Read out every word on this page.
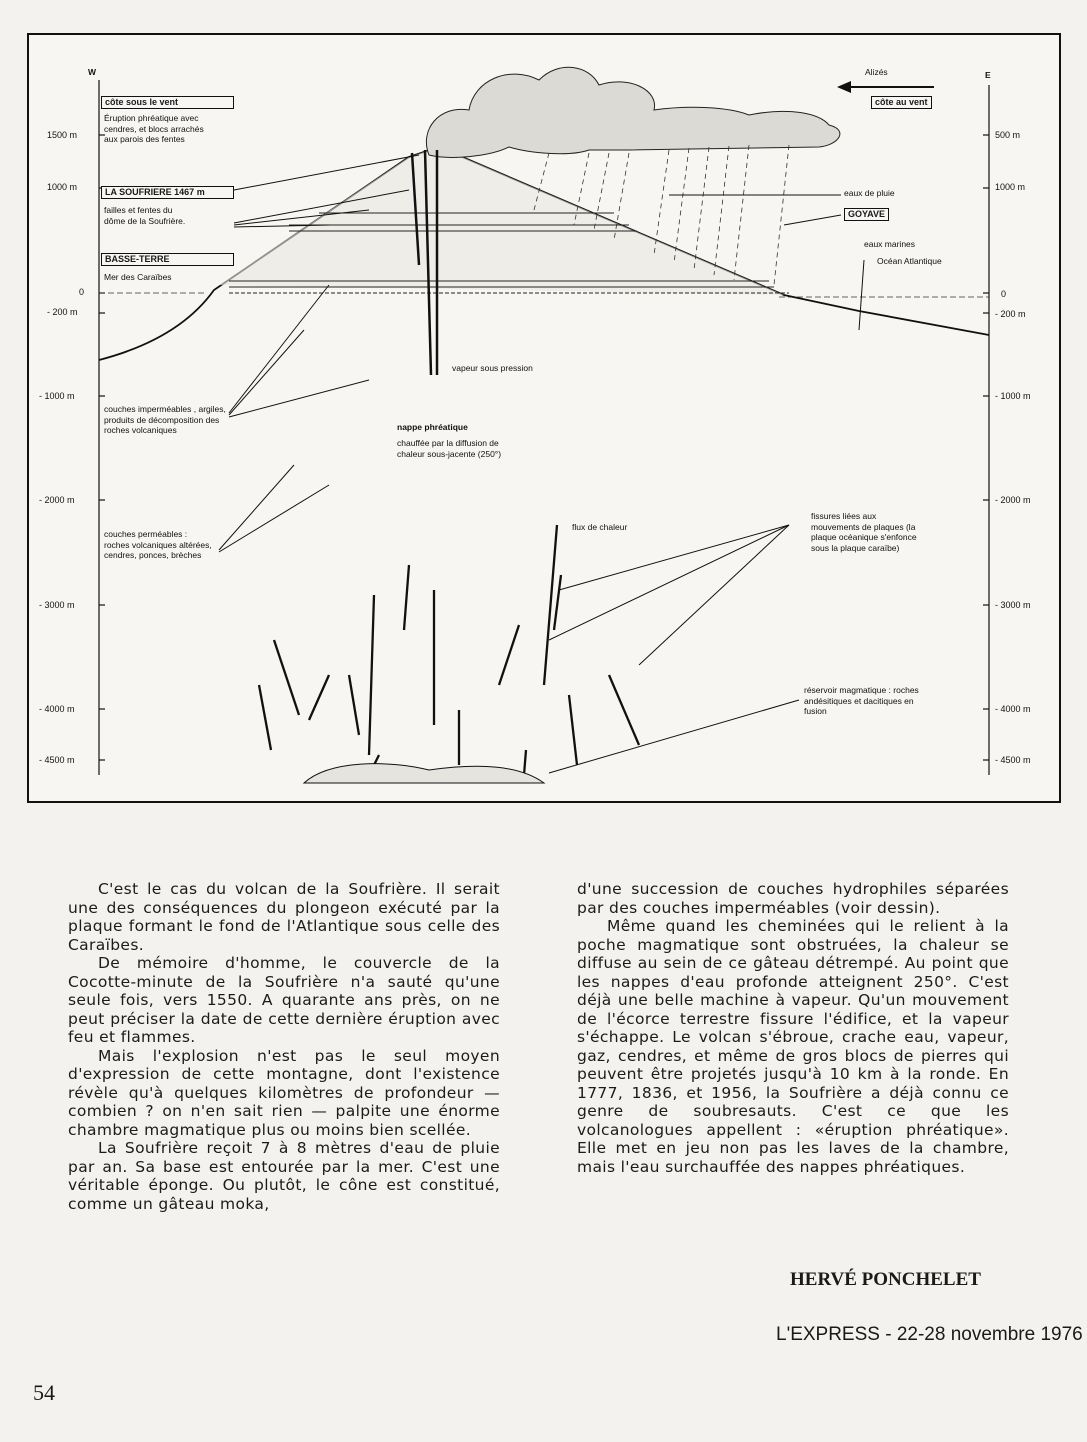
côte sous le vent
LA SOUFRIERE 1467 m
BASSE-TERRE
côte au vent
GOYAVE
W	E
Alizés
1500 m
1000 m
0
- 200 m
- 1000 m
- 2000 m
- 3000 m
- 4000 m
- 4500 m
500 m
1000 m
0
- 200 m
- 1000 m
- 2000 m
- 3000 m
- 4000 m
- 4500 m
Éruption phréatique avec cendres, et blocs arrachés aux parois des fentes
failles et fentes du dôme de la Soufrière.
Mer des Caraïbes
eaux de pluie
eaux marines
Océan Atlantique
vapeur sous pression
couches imperméables , argiles, produits de décomposition des roches volcaniques	nappe phréatique
chauffée par la diffusion de chaleur sous-jacente (250°)
couches perméables : roches volcaniques altérées, cendres, ponces, brèches
flux de chaleur
fissures liées aux mouvements de plaques (la plaque océanique s'enfonce sous la plaque caraïbe)
réservoir magmatique : roches andésitiques et dacitiques en fusion

C'est le cas du volcan de la Soufrière. Il serait une des conséquences du plongeon exécuté par la plaque formant le fond de l'Atlantique sous celle des Caraïbes.

De mémoire d'homme, le couvercle de la Cocotte-minute de la Soufrière n'a sauté qu'une seule fois, vers 1550. A quarante ans près, on ne peut préciser la date de cette dernière éruption avec feu et flammes.

Mais l'explosion n'est pas le seul moyen d'expression de cette montagne, dont l'existence révèle qu'à quelques kilomètres de profondeur — combien ? on n'en sait rien — palpite une énorme chambre magmatique plus ou moins bien scellée.

La Soufrière reçoit 7 à 8 mètres d'eau de pluie par an. Sa base est entourée par la mer. C'est une véritable éponge. Ou plutôt, le cône est constitué, comme un gâteau moka,

d'une succession de couches hydrophiles séparées par des couches imperméables (voir dessin).

Même quand les cheminées qui le relient à la poche magmatique sont obstruées, la chaleur se diffuse au sein de ce gâteau détrempé. Au point que les nappes d'eau profonde atteignent 250°. C'est déjà une belle machine à vapeur. Qu'un mouvement de l'écorce terrestre fissure l'édifice, et la vapeur s'échappe. Le volcan s'ébroue, crache eau, vapeur, gaz, cendres, et même de gros blocs de pierres qui peuvent être projetés jusqu'à 10 km à la ronde. En 1777, 1836, et 1956, la Soufrière a déjà connu ce genre de soubresauts. C'est ce que les volcanologues appellent : «éruption phréatique». Elle met en jeu non pas les laves de la chambre, mais l'eau surchauffée des nappes phréatiques.

HERVÉ PONCHELET
L'EXPRESS - 22-28 novembre 1976
54
